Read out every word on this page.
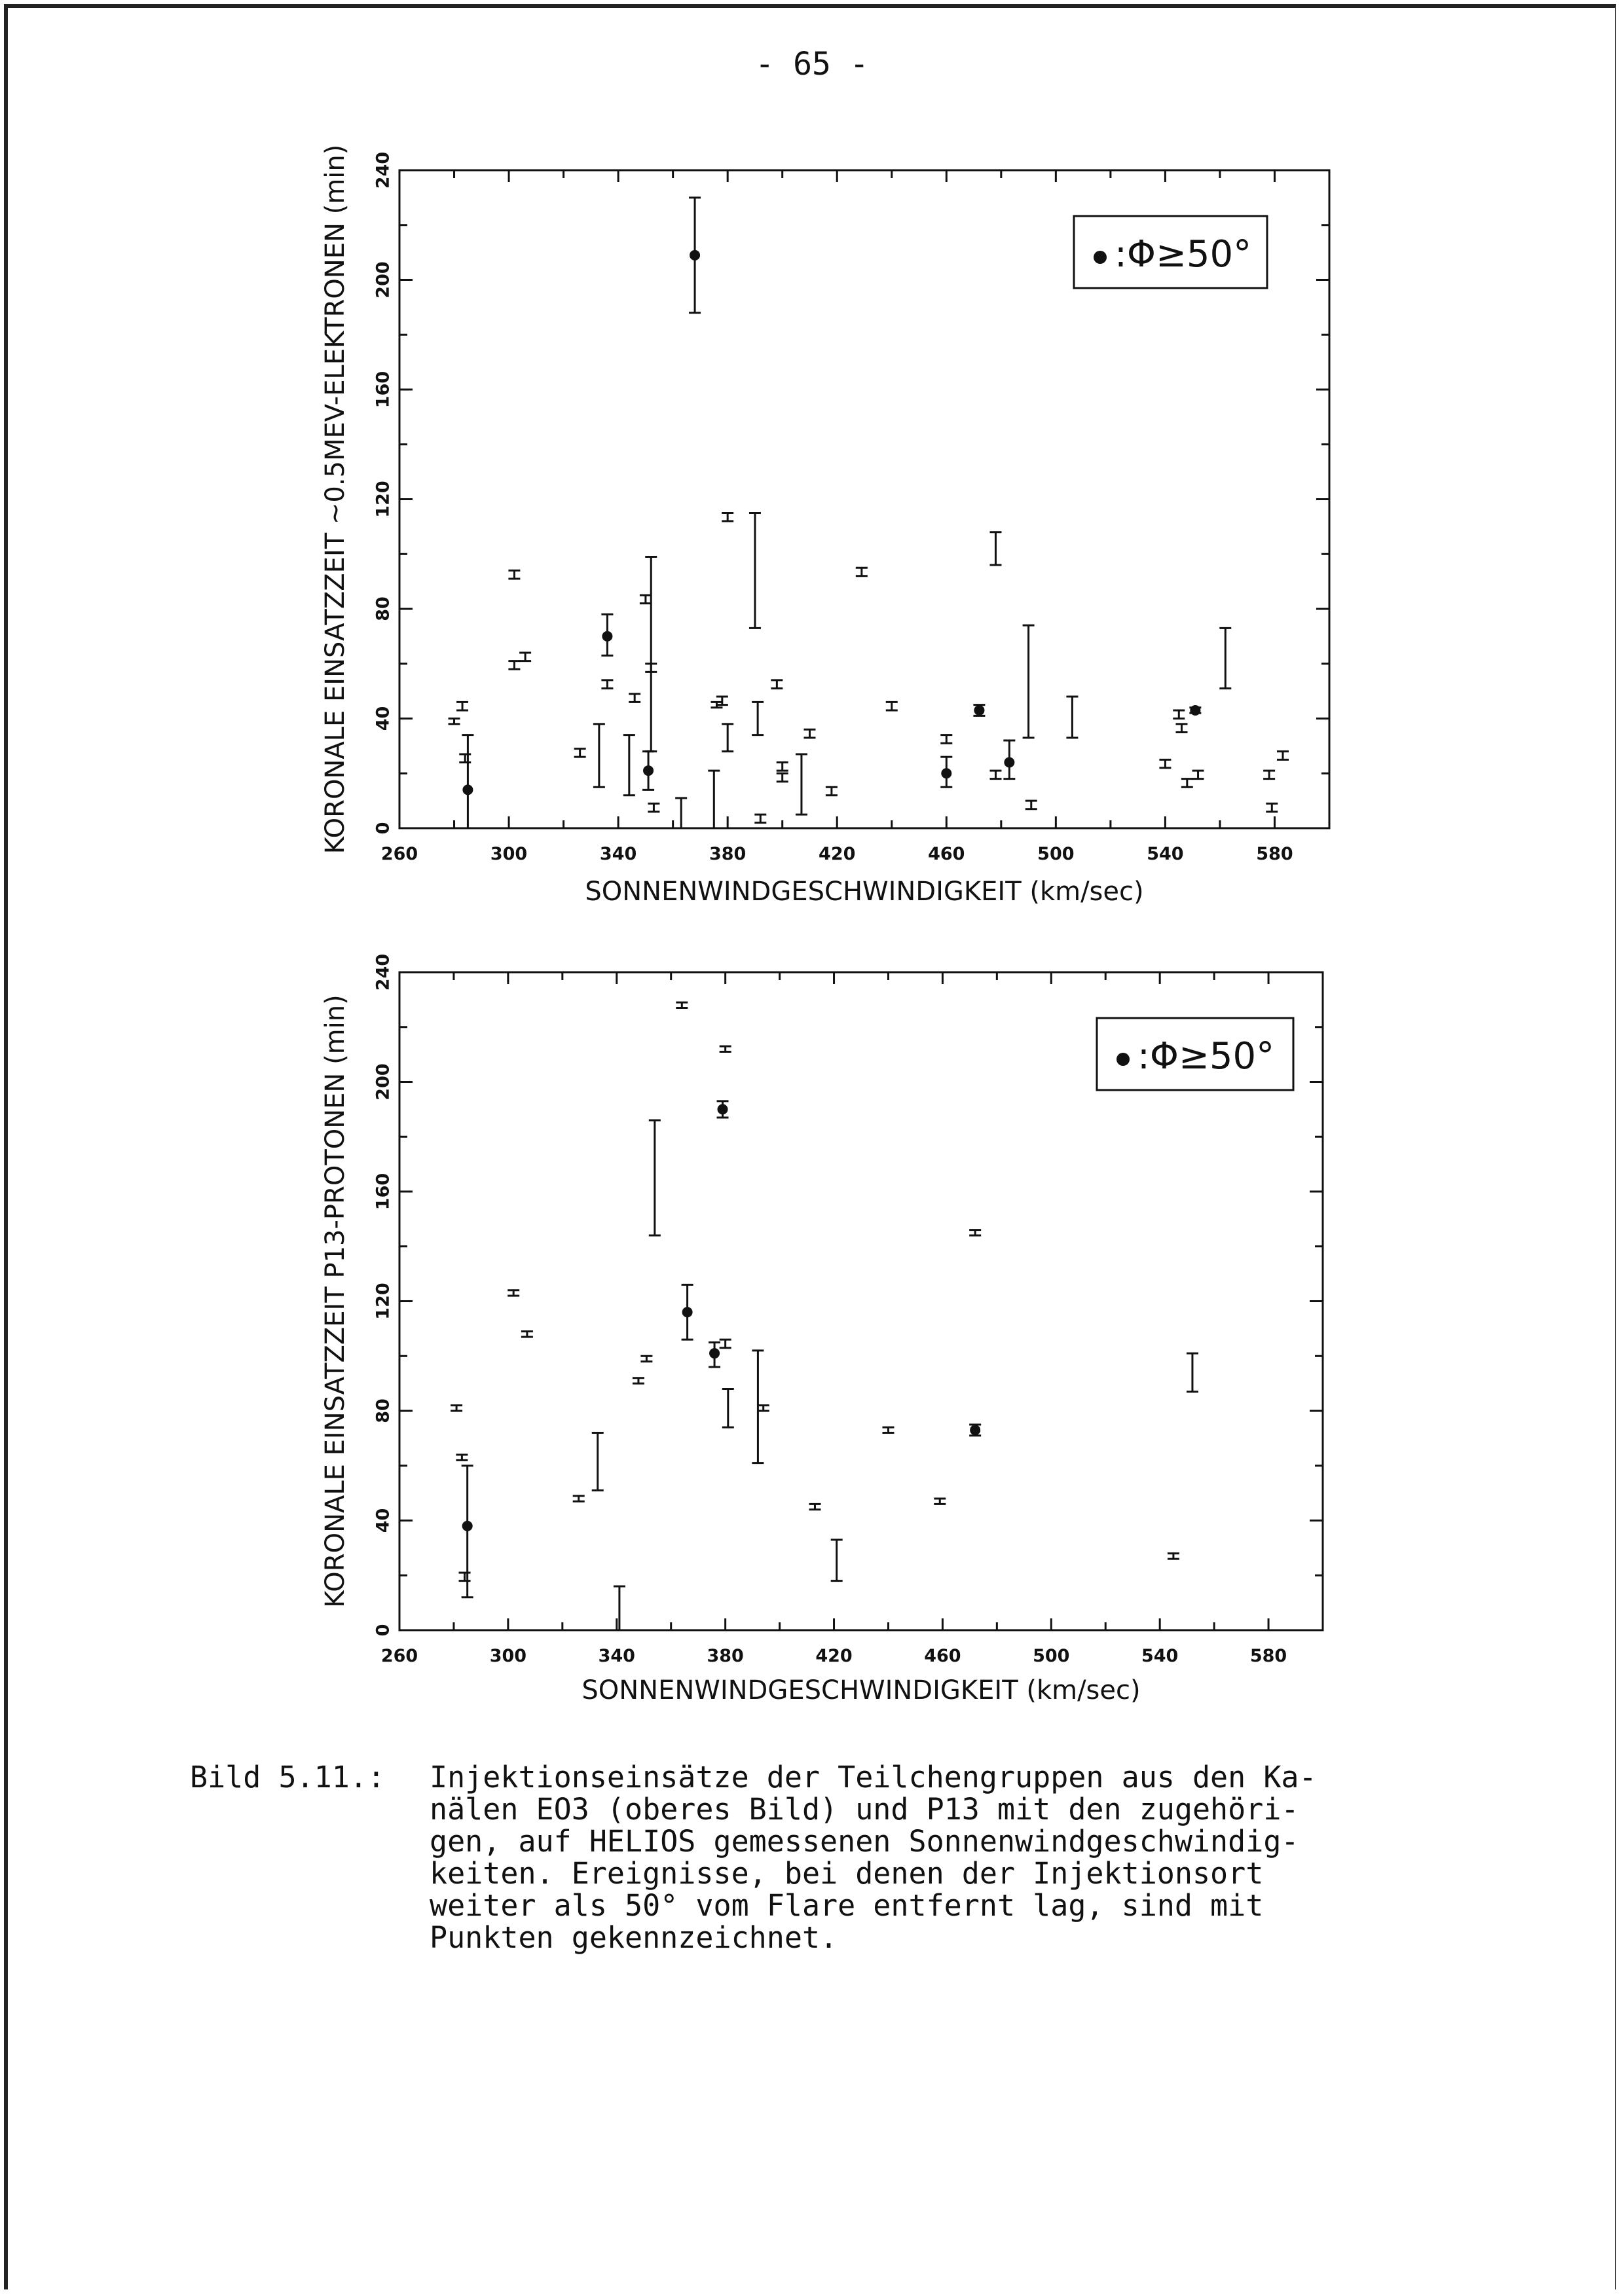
- 65 -
260	300	340	380	420	460	500	540	580
0
40
80
120
160
200
240
SONNENWINDGESCHWINDIGKEIT (km/sec)
KORONALE EINSATZZEIT ~0.5MEV-ELEKTRONEN (min)	:Φ≥50°
260	300	340	380	420	460	500	540	580
0
40
80
120
160
200
240
SONNENWINDGESCHWINDIGKEIT (km/sec)
KORONALE EINSATZZEIT P13-PROTONEN (min)	:Φ≥50°
Bild 5.11.: Injektionseinsätze der Teilchengruppen aus den Ka-
nälen EO3 (oberes Bild) und P13 mit den zugehöri-
gen, auf HELIOS gemessenen Sonnenwindgeschwindig-
keiten. Ereignisse, bei denen der Injektionsort
weiter als 50° vom Flare entfernt lag, sind mit
Punkten gekennzeichnet.
